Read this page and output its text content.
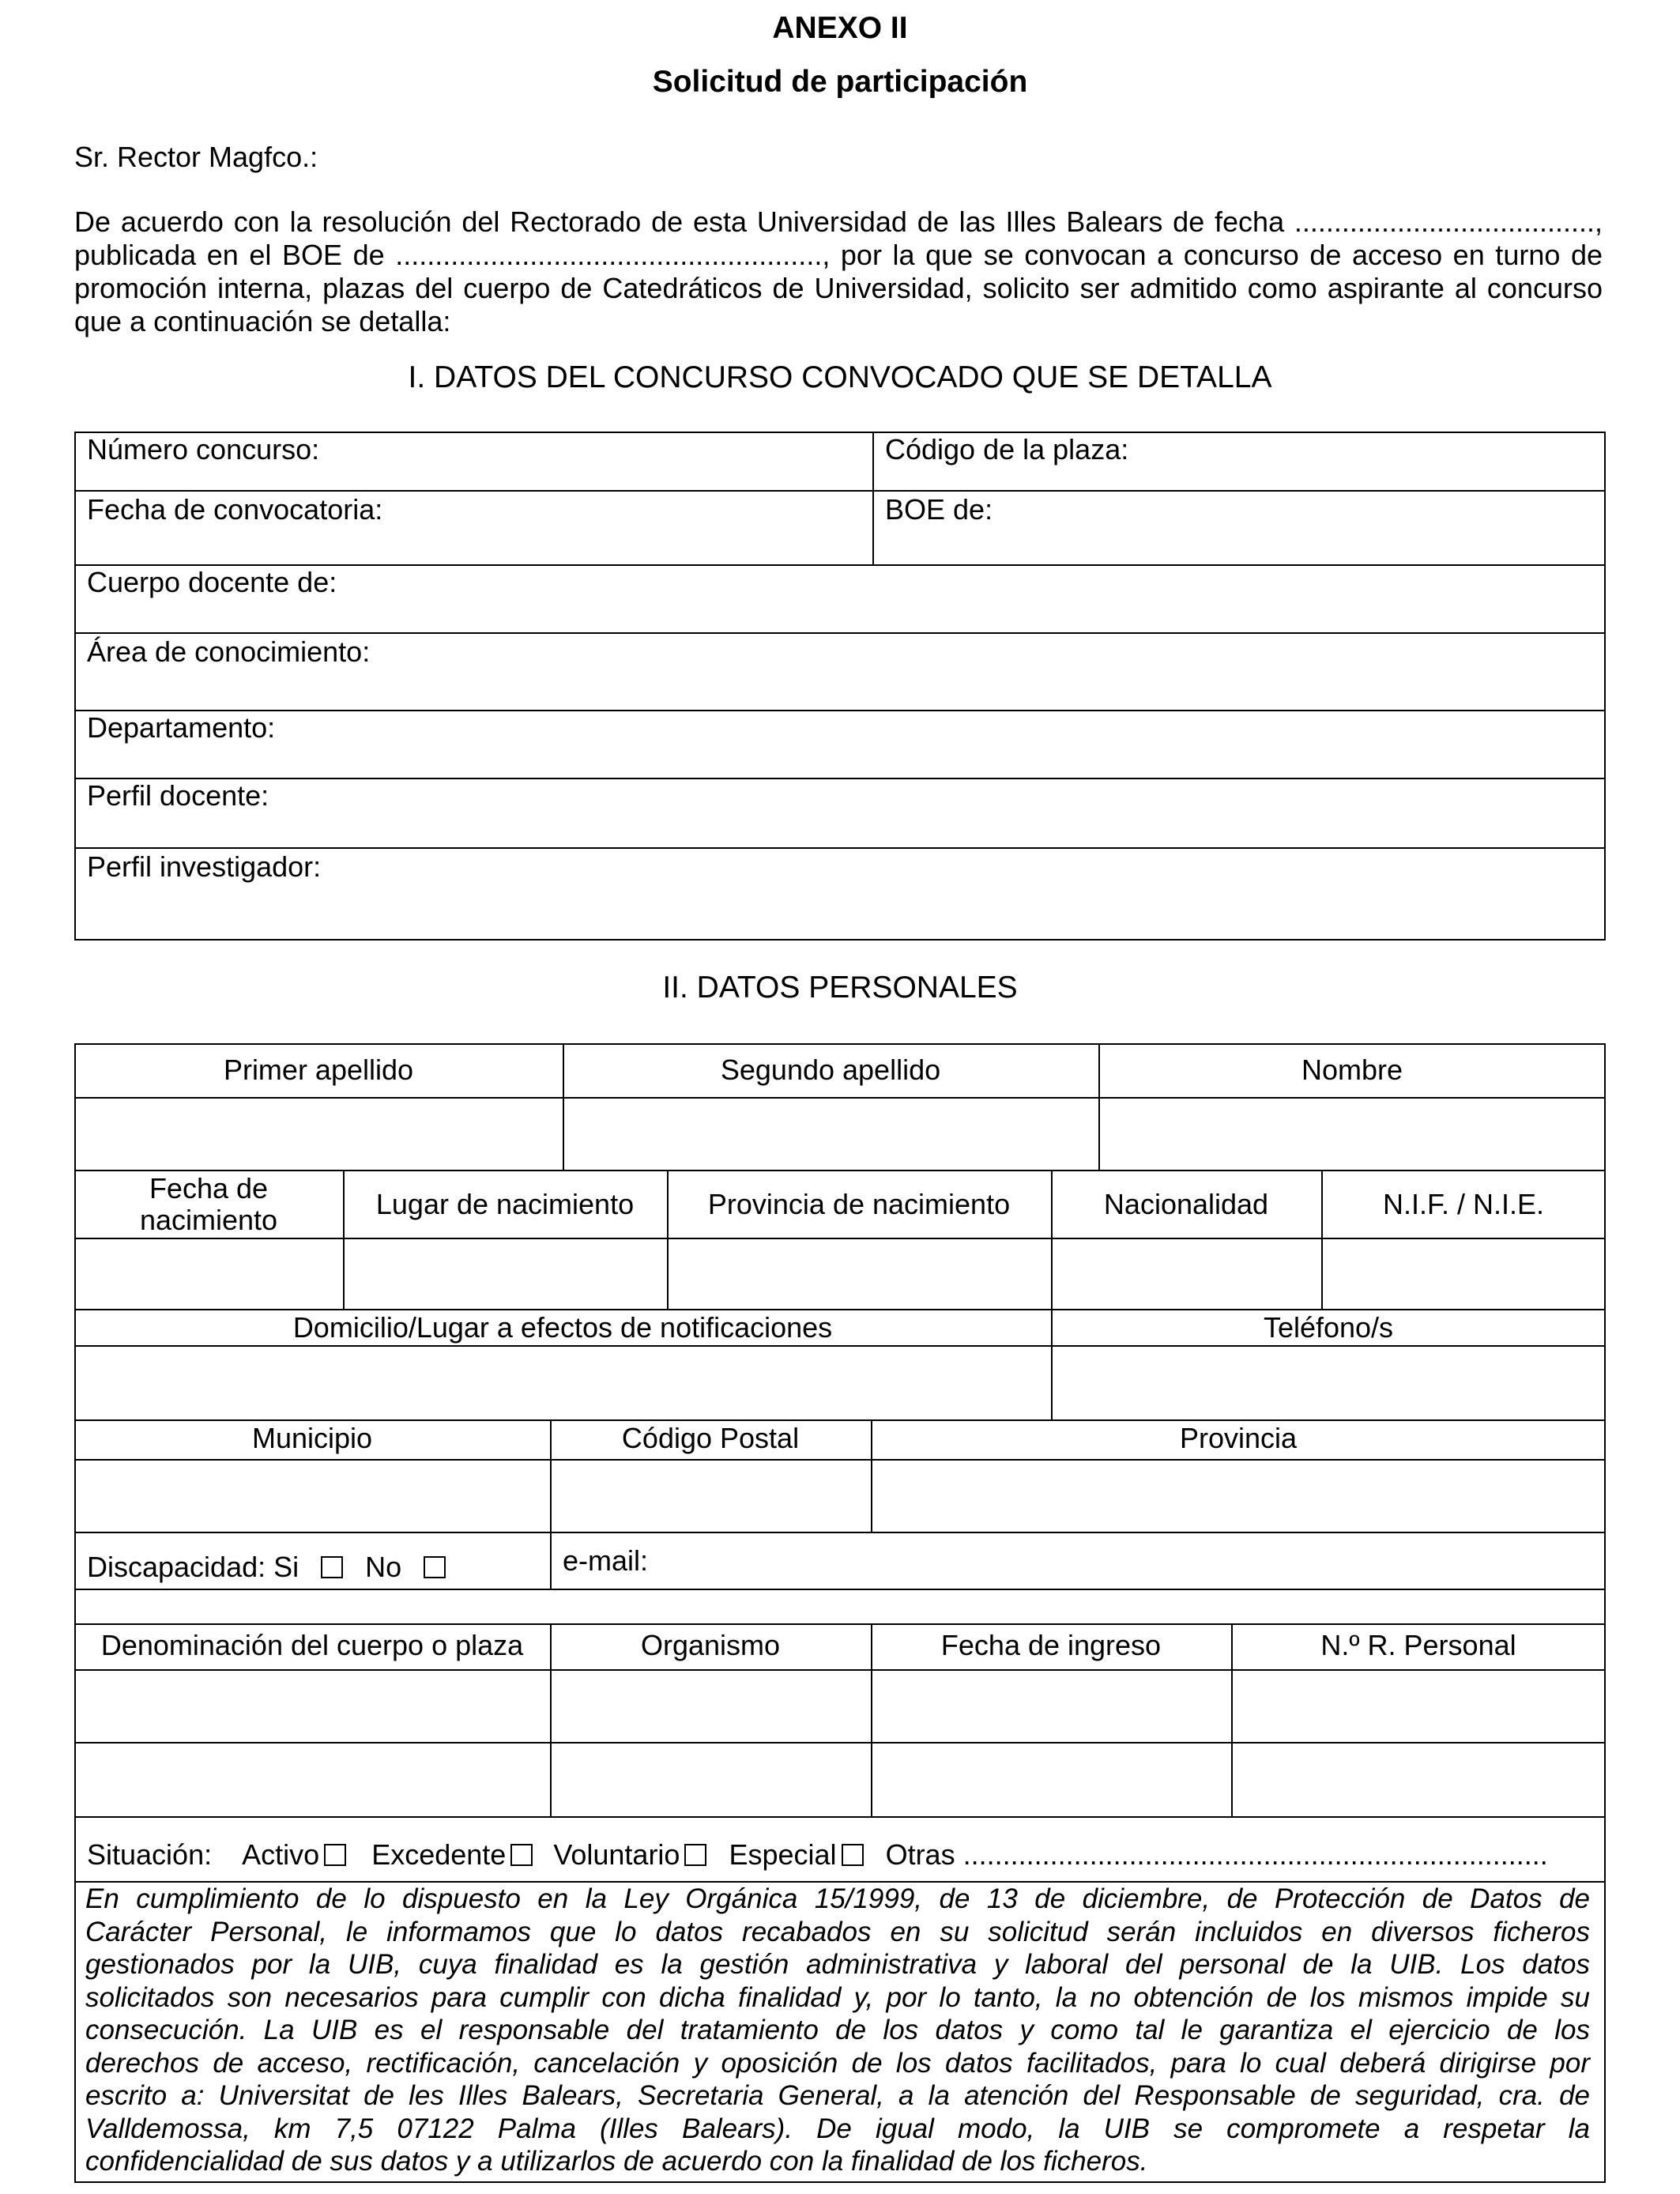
ANEXO II
Solicitud de participación
Sr. Rector Magfco.:
De acuerdo con la resolución del Rectorado de esta Universidad de las Illes Balears de fecha ......................................,
publicada en el BOE de ......................................................, por la que se convocan a concurso de acceso en turno de
promoción interna, plazas del cuerpo de Catedráticos de Universidad, solicito ser admitido como aspirante al concurso
que a continuación se detalla:
I. DATOS DEL CONCURSO CONVOCADO QUE SE DETALLA
Número concurso:	Código de la plaza:
Fecha de convocatoria:	BOE de:
Cuerpo docente de:
Área de conocimiento:
Departamento:
Perfil docente:
Perfil investigador:
II. DATOS PERSONALES
Primer apellido	Segundo apellido	Nombre
Fecha de
nacimiento	Lugar de nacimiento	Provincia de nacimiento	Nacionalidad	N.I.F. / N.I.E.
Domicilio/Lugar a efectos de notificaciones	Teléfono/s
Municipio	Código Postal	Provincia
Discapacidad: Si No	e-mail:
Denominación del cuerpo o plaza	Organismo	Fecha de ingreso	N.º R. Personal
Situación: Activo Excedente Voluntario Especial Otras ..........................................................................
En cumplimiento de lo dispuesto en la Ley Orgánica 15/1999, de 13 de diciembre, de Protección de Datos de
Carácter Personal, le informamos que lo datos recabados en su solicitud serán incluidos en diversos ficheros
gestionados por la UIB, cuya finalidad es la gestión administrativa y laboral del personal de la UIB. Los datos
solicitados son necesarios para cumplir con dicha finalidad y, por lo tanto, la no obtención de los mismos impide su
consecución. La UIB es el responsable del tratamiento de los datos y como tal le garantiza el ejercicio de los
derechos de acceso, rectificación, cancelación y oposición de los datos facilitados, para lo cual deberá dirigirse por
escrito a: Universitat de les Illes Balears, Secretaria General, a la atención del Responsable de seguridad, cra. de
Valldemossa, km 7,5 07122 Palma (Illes Balears). De igual modo, la UIB se compromete a respetar la
confidencialidad de sus datos y a utilizarlos de acuerdo con la finalidad de los ficheros.
